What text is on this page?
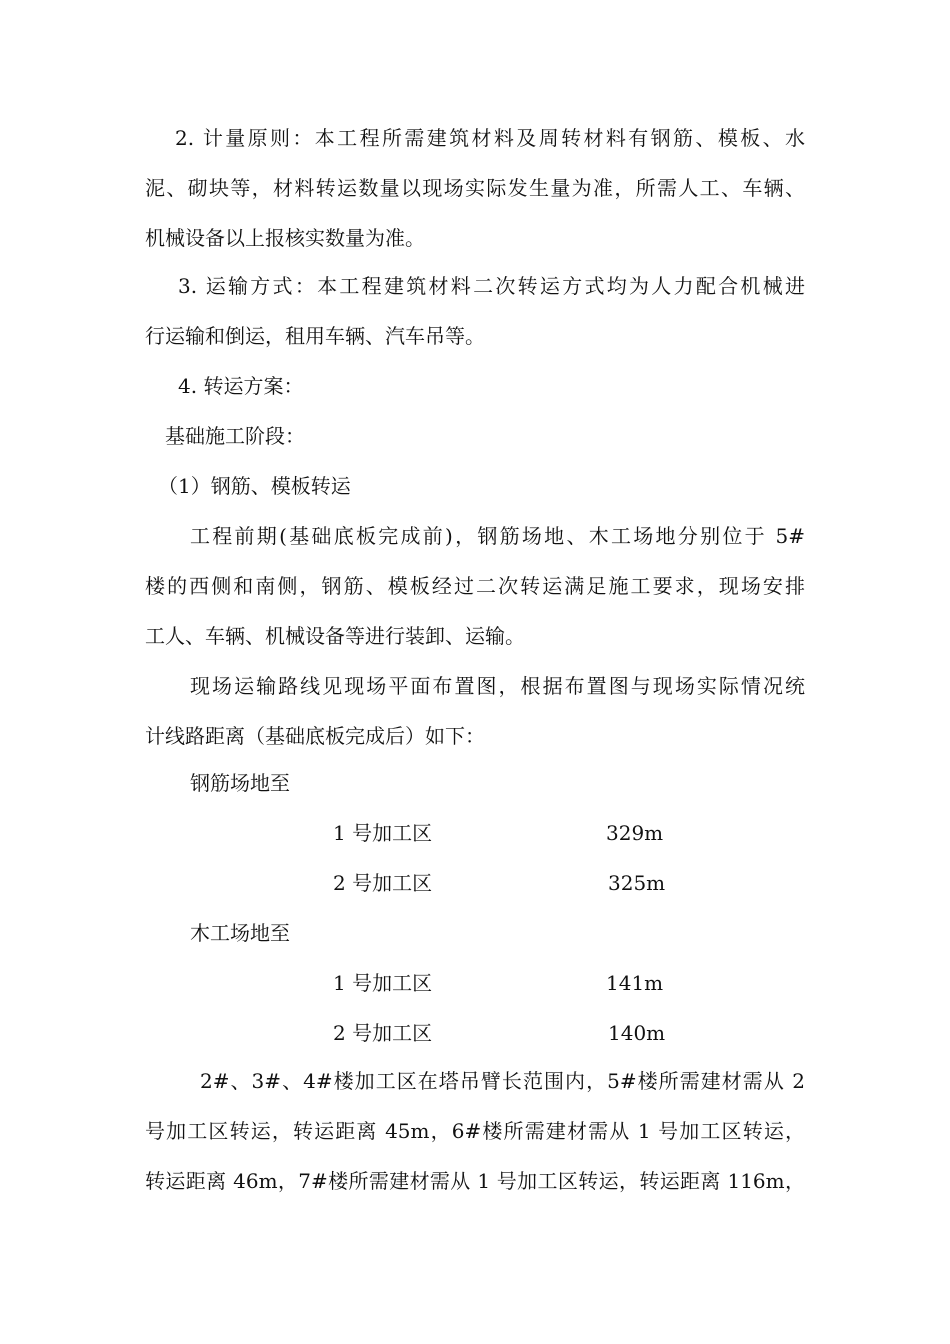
2. 计量原则：本工程所需建筑材料及周转材料有钢筋、模板、水
泥、砌块等，材料转运数量以现场实际发生量为准，所需人工、车辆、
机械设备以上报核实数量为准。
3. 运输方式：本工程建筑材料二次转运方式均为人力配合机械进
行运输和倒运，租用车辆、汽车吊等。
4. 转运方案：
基础施工阶段：
（1）钢筋、模板转运
工程前期(基础底板完成前)，钢筋场地、木工场地分别位于 5#
楼的西侧和南侧，钢筋、模板经过二次转运满足施工要求，现场安排
工人、车辆、机械设备等进行装卸、运输。
现场运输路线见现场平面布置图，根据布置图与现场实际情况统
计线路距离（基础底板完成后）如下：
钢筋场地至
1 号加工区	329m
2 号加工区	325m
木工场地至
1 号加工区	141m
2 号加工区	140m
2#、3#、4#楼加工区在塔吊臂长范围内，5#楼所需建材需从 2
号加工区转运，转运距离 45m，6#楼所需建材需从 1 号加工区转运，
转运距离 46m，7#楼所需建材需从 1 号加工区转运，转运距离 116m，
